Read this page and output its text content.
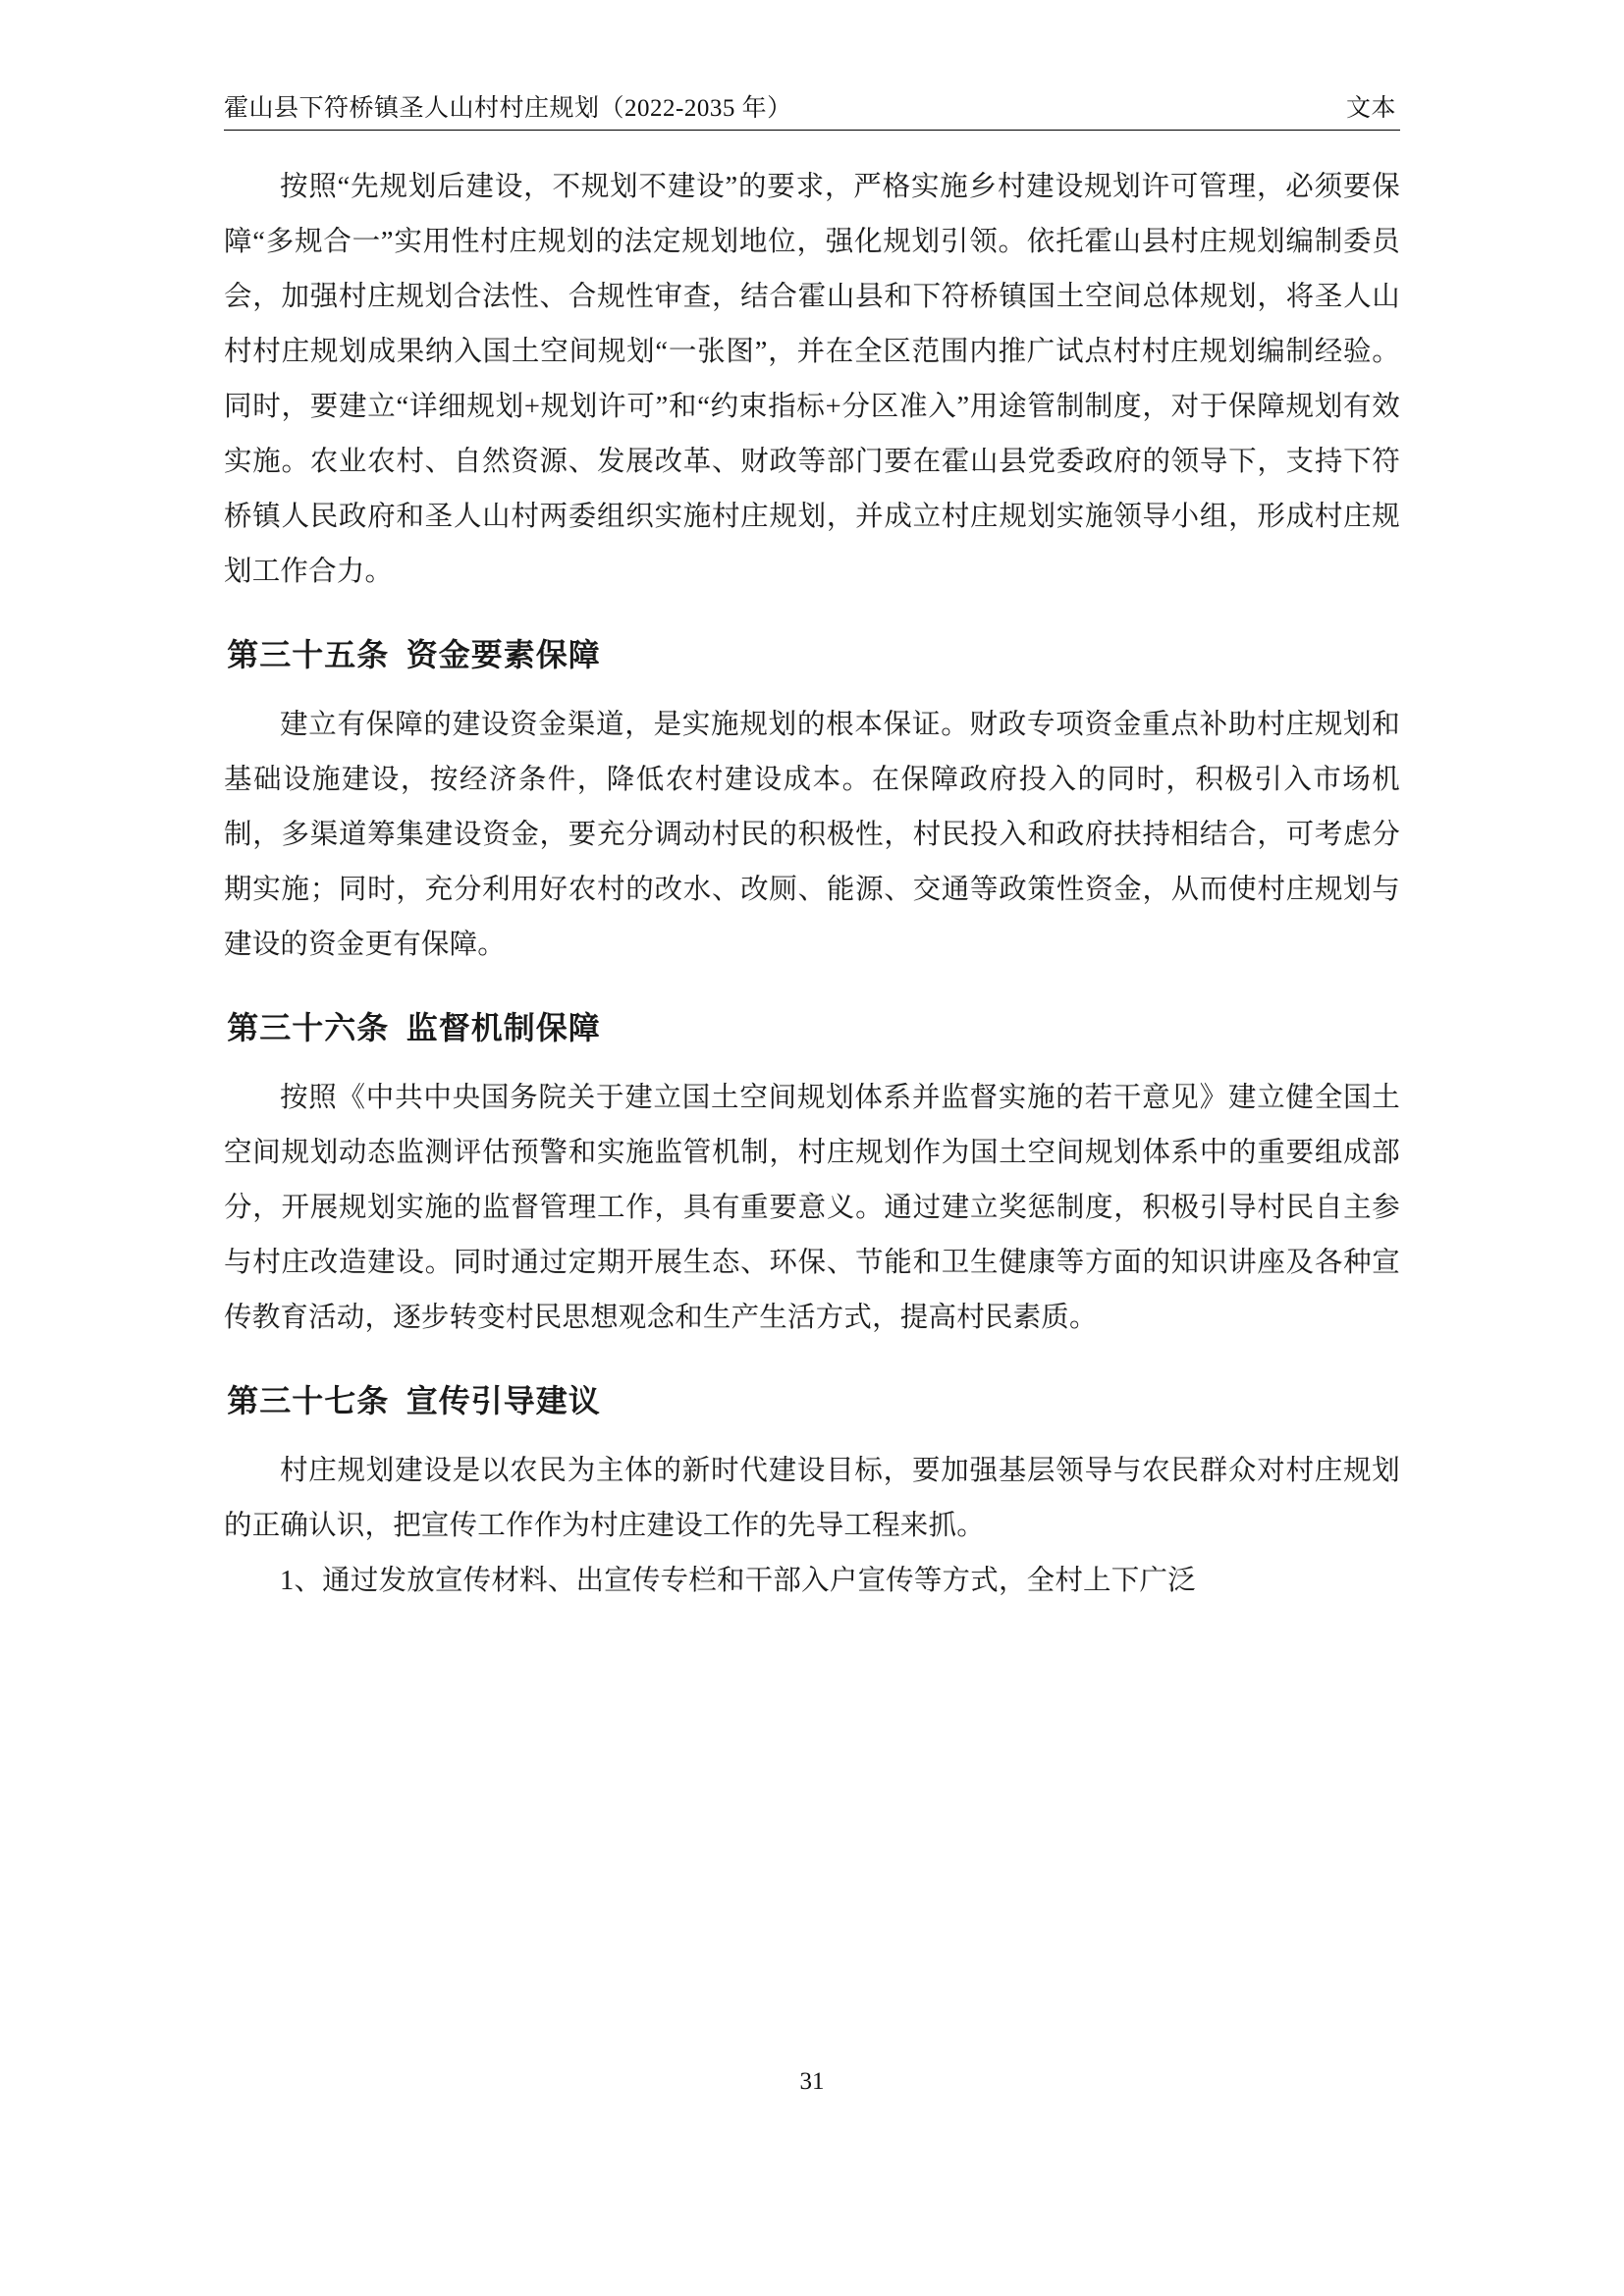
霍山县下符桥镇圣人山村村庄规划（2022-2035 年）	文本

按照“先规划后建设，不规划不建设”的要求，严格实施乡村建设规划许可管理，必须要保障“多规合一”实用性村庄规划的法定规划地位，强化规划引领。依托霍山县村庄规划编制委员会，加强村庄规划合法性、合规性审查，结合霍山县和下符桥镇国土空间总体规划，将圣人山村村庄规划成果纳入国土空间规划“一张图”，并在全区范围内推广试点村村庄规划编制经验。同时，要建立“详细规划+规划许可”和“约束指标+分区准入”用途管制制度，对于保障规划有效实施。农业农村、自然资源、发展改革、财政等部门要在霍山县党委政府的领导下，支持下符桥镇人民政府和圣人山村两委组织实施村庄规划，并成立村庄规划实施领导小组，形成村庄规划工作合力。

第三十五条 资金要素保障

建立有保障的建设资金渠道，是实施规划的根本保证。财政专项资金重点补助村庄规划和基础设施建设，按经济条件，降低农村建设成本。在保障政府投入的同时，积极引入市场机制，多渠道筹集建设资金，要充分调动村民的积极性，村民投入和政府扶持相结合，可考虑分期实施；同时，充分利用好农村的改水、改厕、能源、交通等政策性资金，从而使村庄规划与建设的资金更有保障。

第三十六条 监督机制保障

按照《中共中央国务院关于建立国土空间规划体系并监督实施的若干意见》建立健全国土空间规划动态监测评估预警和实施监管机制，村庄规划作为国土空间规划体系中的重要组成部分，开展规划实施的监督管理工作，具有重要意义。通过建立奖惩制度，积极引导村民自主参与村庄改造建设。同时通过定期开展生态、环保、节能和卫生健康等方面的知识讲座及各种宣传教育活动，逐步转变村民思想观念和生产生活方式，提高村民素质。

第三十七条 宣传引导建议

村庄规划建设是以农民为主体的新时代建设目标，要加强基层领导与农民群众对村庄规划的正确认识，把宣传工作作为村庄建设工作的先导工程来抓。

1、通过发放宣传材料、出宣传专栏和干部入户宣传等方式，全村上下广泛

31
